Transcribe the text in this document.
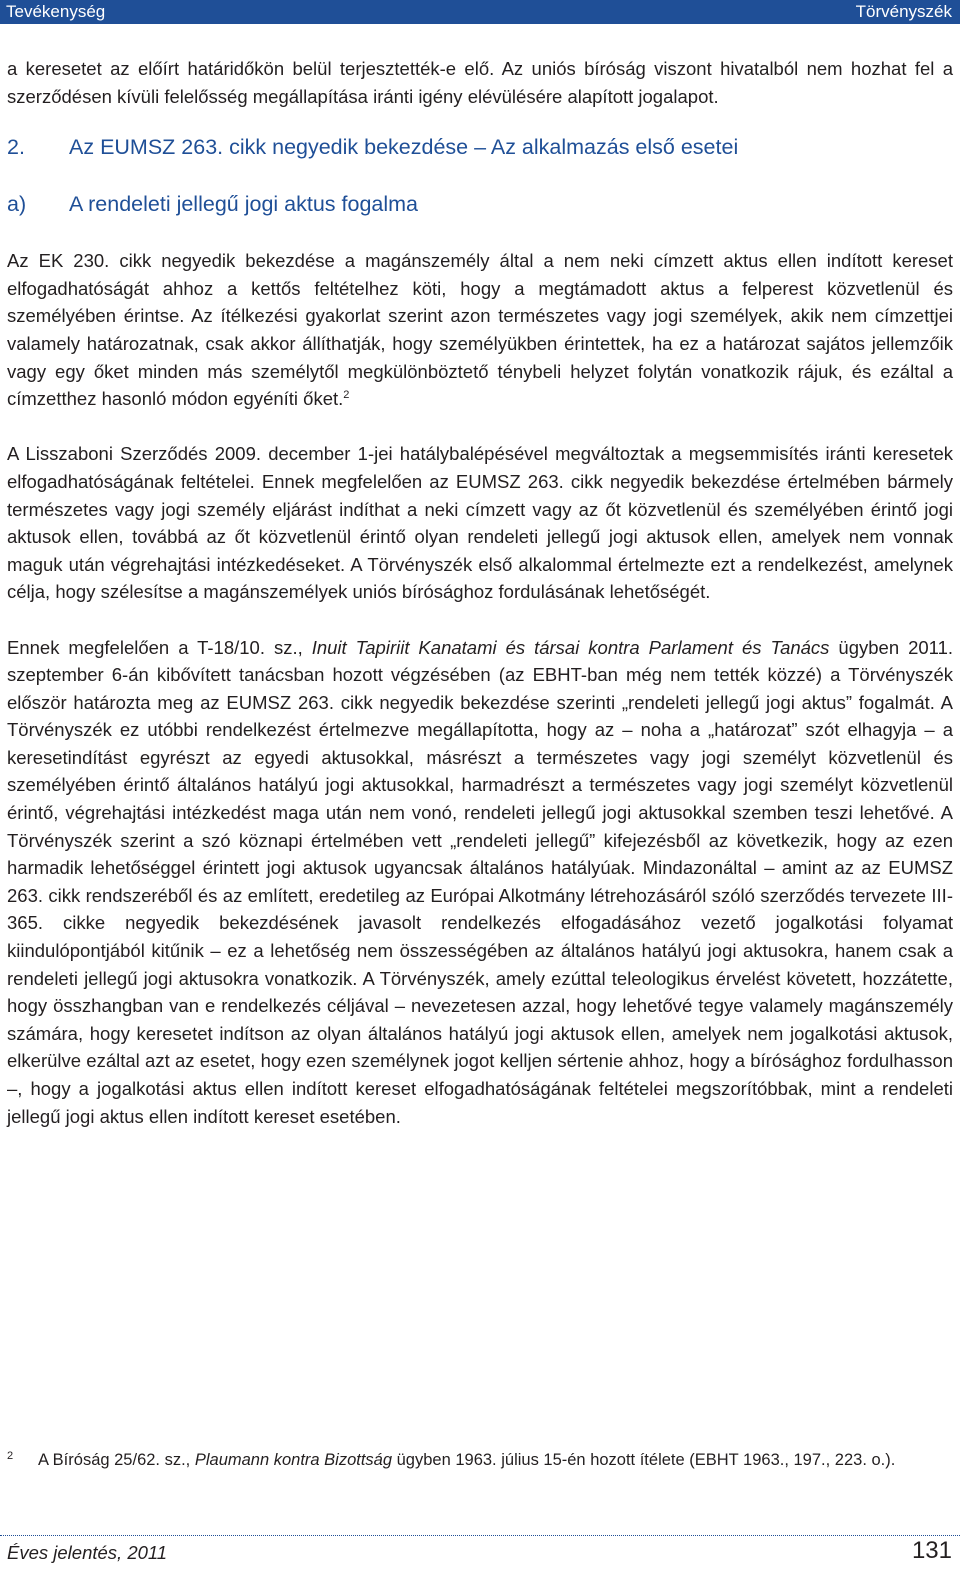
Tevékenység	Törvényszék

a keresetet az előírt határidőkön belül terjesztették-e elő. Az uniós bíróság viszont hivatalból nem hozhat fel a szerződésen kívüli felelősség megállapítása iránti igény elévülésére alapított jogalapot.

2. Az EUMSZ 263. cikk negyedik bekezdése – Az alkalmazás első esetei
a) A rendeleti jellegű jogi aktus fogalma

Az EK 230. cikk negyedik bekezdése a magánszemély által a nem neki címzett aktus ellen indított kereset elfogadhatóságát ahhoz a kettős feltételhez köti, hogy a megtámadott aktus a felperest közvetlenül és személyében érintse. Az ítélkezési gyakorlat szerint azon természetes vagy jogi személyek, akik nem címzettjei valamely határozatnak, csak akkor állíthatják, hogy személyükben érintettek, ha ez a határozat sajátos jellemzőik vagy egy őket minden más személytől megkülönböztető ténybeli helyzet folytán vonatkozik rájuk, és ezáltal a címzetthez hasonló módon egyéníti őket.$^2$

A Lisszaboni Szerződés 2009. december 1-jei hatálybalépésével megváltoztak a megsemmisítés iránti keresetek elfogadhatóságának feltételei. Ennek megfelelően az EUMSZ 263. cikk negyedik bekezdése értelmében bármely természetes vagy jogi személy eljárást indíthat a neki címzett vagy az őt közvetlenül és személyében érintő jogi aktusok ellen, továbbá az őt közvetlenül érintő olyan rendeleti jellegű jogi aktusok ellen, amelyek nem vonnak maguk után végrehajtási intézkedéseket. A Törvényszék első alkalommal értelmezte ezt a rendelkezést, amelynek célja, hogy szélesítse a magánszemélyek uniós bírósághoz fordulásának lehetőségét.

Ennek megfelelően a T-18/10. sz., Inuit Tapiriit Kanatami és társai kontra Parlament és Tanács ügyben 2011. szeptember 6-án kibővített tanácsban hozott végzésében (az EBHT-ban még nem tették közzé) a Törvényszék először határozta meg az EUMSZ 263. cikk negyedik bekezdése szerinti „rendeleti jellegű jogi aktus” fogalmát. A Törvényszék ez utóbbi rendelkezést értelmezve megállapította, hogy az – noha a „határozat” szót elhagyja – a keresetindítást egyrészt az egyedi aktusokkal, másrészt a természetes vagy jogi személyt közvetlenül és személyében érintő általános hatályú jogi aktusokkal, harmadrészt a természetes vagy jogi személyt közvetlenül érintő, végrehajtási intézkedést maga után nem vonó, rendeleti jellegű jogi aktusokkal szemben teszi lehetővé. A Törvényszék szerint a szó köznapi értelmében vett „rendeleti jellegű” kifejezésből az következik, hogy az ezen harmadik lehetőséggel érintett jogi aktusok ugyancsak általános hatályúak. Mindazonáltal – amint az az EUMSZ 263. cikk rendszeréből és az említett, eredetileg az Európai Alkotmány létrehozásáról szóló szerződés tervezete III-365. cikke negyedik bekezdésének javasolt rendelkezés elfogadásához vezető jogalkotási folyamat kiindulópontjából kitűnik – ez a lehetőség nem összességében az általános hatályú jogi aktusokra, hanem csak a rendeleti jellegű jogi aktusokra vonatkozik. A Törvényszék, amely ezúttal teleologikus érvelést követett, hozzátette, hogy összhangban van e rendelkezés céljával – nevezetesen azzal, hogy lehetővé tegye valamely magánszemély számára, hogy keresetet indítson az olyan általános hatályú jogi aktusok ellen, amelyek nem jogalkotási aktusok, elkerülve ezáltal azt az esetet, hogy ezen személynek jogot kelljen sértenie ahhoz, hogy a bírósághoz fordulhasson –, hogy a jogalkotási aktus ellen indított kereset elfogadhatóságának feltételei megszorítóbbak, mint a rendeleti jellegű jogi aktus ellen indított kereset esetében.

2	A Bíróság 25/62. sz., Plaumann kontra Bizottság ügyben 1963. július 15-én hozott ítélete (EBHT 1963., 197., 223. o.).
Éves jelentés, 2011	131
